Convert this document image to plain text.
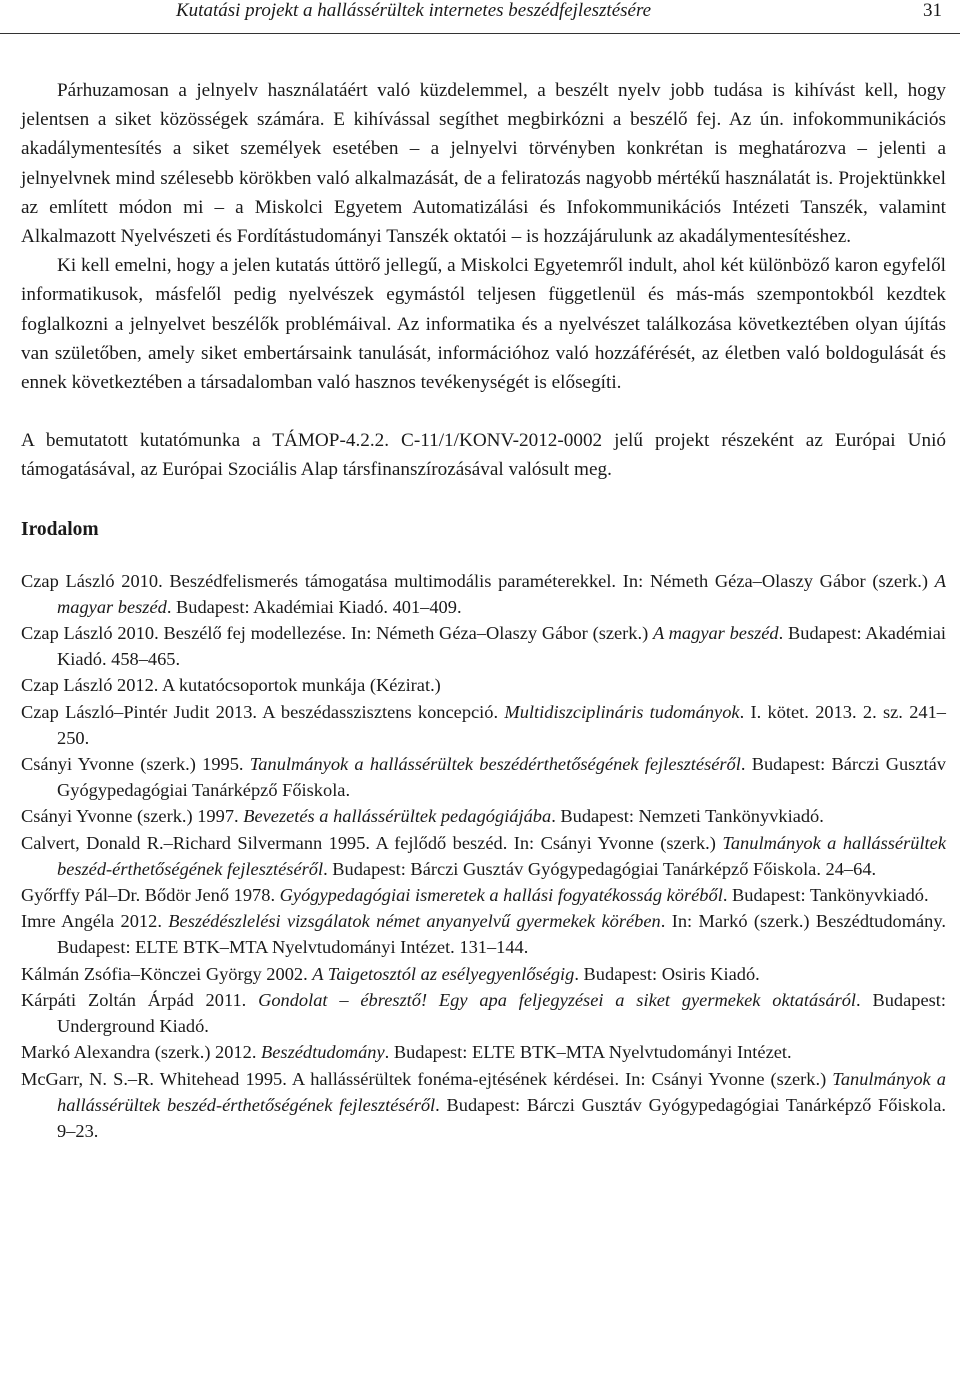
Kutatási projekt a hallássérültek internetes beszédfejlesztésére	31

Párhuzamosan a jelnyelv használatáért való küzdelemmel, a beszélt nyelv jobb tudása is kihívást kell, hogy jelentsen a siket közösségek számára. E kihívással segíthet megbirkózni a beszélő fej. Az ún. infokommunikációs akadálymentesítés a siket személyek esetében – a jelnyelvi törvényben konkrétan is meghatározva – jelenti a jelnyelvnek mind szélesebb körökben való alkalmazását, de a feliratozás nagyobb mértékű használatát is. Projektünkkel az említett módon mi – a Miskolci Egyetem Automatizálási és Infokommunikációs Intézeti Tanszék, valamint Alkalmazott Nyelvészeti és Fordítástudományi Tanszék oktatói – is hozzájárulunk az akadálymentesítéshez.

Ki kell emelni, hogy a jelen kutatás úttörő jellegű, a Miskolci Egyetemről indult, ahol két különböző karon egyfelől informatikusok, másfelől pedig nyelvészek egymástól teljesen függetlenül és más-más szempontokból kezdtek foglalkozni a jelnyelvet beszélők problémáival. Az informatika és a nyelvészet találkozása következtében olyan újítás van születőben, amely siket embertársaink tanulását, információhoz való hozzáférését, az életben való boldogulását és ennek következtében a társadalomban való hasznos tevékenységét is elősegíti.

A bemutatott kutatómunka a TÁMOP-4.2.2. C-11/1/KONV-2012-0002 jelű projekt részeként az Európai Unió támogatásával, az Európai Szociális Alap társfinanszírozásával valósult meg.

Irodalom
Czap László 2010. Beszédfelismerés támogatása multimodális paraméterekkel. In: Németh Géza–Olaszy Gábor (szerk.) A magyar beszéd. Budapest: Akadémiai Kiadó. 401–409.
Czap László 2010. Beszélő fej modellezése. In: Németh Géza–Olaszy Gábor (szerk.) A magyar beszéd. Budapest: Akadémiai Kiadó. 458–465.
Czap László 2012. A kutatócsoportok munkája (Kézirat.)
Czap László–Pintér Judit 2013. A beszédasszisztens koncepció. Multidiszciplináris tudományok. I. kötet. 2013. 2. sz. 241–250.
Csányi Yvonne (szerk.) 1995. Tanulmányok a hallássérültek beszédérthetőségének fejlesztéséről. Budapest: Bárczi Gusztáv Gyógypedagógiai Tanárképző Főiskola.
Csányi Yvonne (szerk.) 1997. Bevezetés a hallássérültek pedagógiájába. Budapest: Nemzeti Tankönyvkiadó.
Calvert, Donald R.–Richard Silvermann 1995. A fejlődő beszéd. In: Csányi Yvonne (szerk.) Tanulmányok a hallássérültek beszéd-érthetőségének fejlesztéséről. Budapest: Bárczi Gusztáv Gyógypedagógiai Tanárképző Főiskola. 24–64.
Győrffy Pál–Dr. Bődör Jenő 1978. Gyógypedagógiai ismeretek a hallási fogyatékosság köréből. Budapest: Tankönyvkiadó.
Imre Angéla 2012. Beszédészlelési vizsgálatok német anyanyelvű gyermekek körében. In: Markó (szerk.) Beszédtudomány. Budapest: ELTE BTK–MTA Nyelvtudományi Intézet. 131–144.
Kálmán Zsófia–Könczei György 2002. A Taigetosztól az esélyegyenlőségig. Budapest: Osiris Kiadó.
Kárpáti Zoltán Árpád 2011. Gondolat – ébresztő! Egy apa feljegyzései a siket gyermekek oktatásáról. Budapest: Underground Kiadó.
Markó Alexandra (szerk.) 2012. Beszédtudomány. Budapest: ELTE BTK–MTA Nyelvtudományi Intézet.
McGarr, N. S.–R. Whitehead 1995. A hallássérültek fonéma-ejtésének kérdései. In: Csányi Yvonne (szerk.) Tanulmányok a hallássérültek beszéd-érthetőségének fejlesztéséről. Budapest: Bárczi Gusztáv Gyógypedagógiai Tanárképző Főiskola. 9–23.
